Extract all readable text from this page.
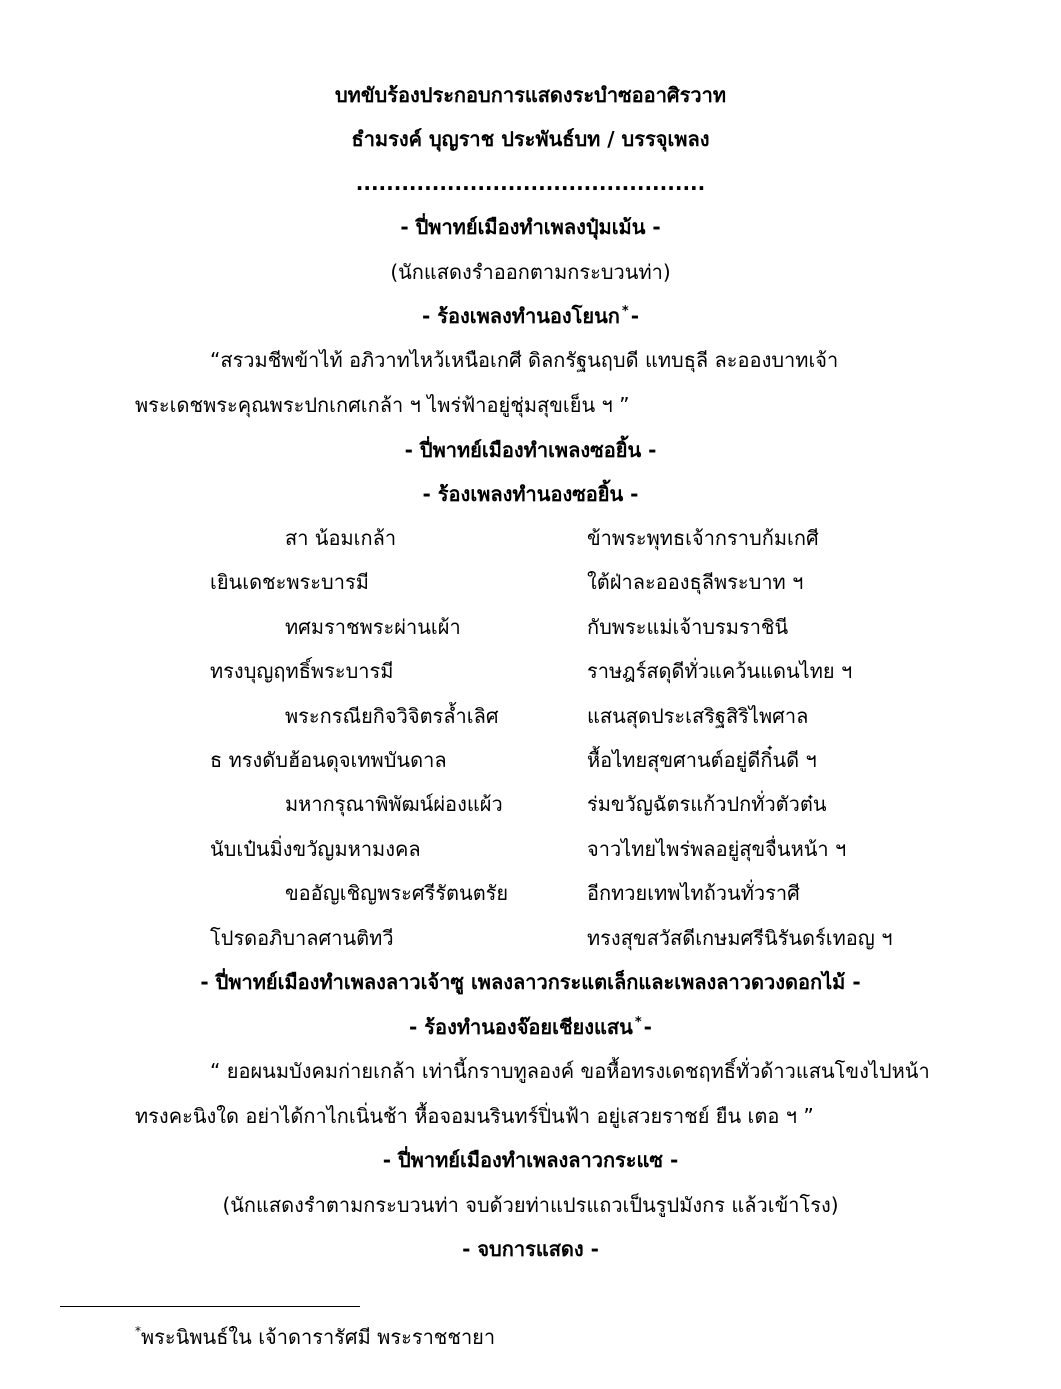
บทขับร้องประกอบการแสดงระบำซออาศิรวาท
ธำมรงค์ บุญราช ประพันธ์บท / บรรจุเพลง
..............................................
- ปี่พาทย์เมืองทำเพลงปุ๋มเม้น -
(นักแสดงรำออกตามกระบวนท่า)
- ร้องเพลงทำนองโยนก * -
“สรวมชีพข้าไท้ อภิวาทไหว้เหนือเกศี ดิลกรัฐนฤบดี แทบธุลี ละอองบาทเจ้า
พระเดชพระคุณพระปกเกศเกล้า ฯ ไพร่ฟ้าอยู่ชุ่มสุขเย็น ฯ ”
- ปี่พาทย์เมืองทำเพลงซอยิ้น -
- ร้องเพลงทำนองซอยิ้น -
สา น้อมเกล้า	ข้าพระพุทธเจ้ากราบก้มเกศี
เยินเดชะพระบารมี	ใต้ฝ่าละอองธุลีพระบาท ฯ
ทศมราชพระผ่านเผ้า	กับพระแม่เจ้าบรมราชินี
ทรงบุญฤทธิ์พระบารมี	ราษฎร์สดุดีทั่วแคว้นแดนไทย ฯ
พระกรณียกิจวิจิตรล้ำเลิศ	แสนสุดประเสริฐสิริไพศาล
ธ ทรงดับฮ้อนดุจเทพบันดาล	หื้อไทยสุขศานต์อยู่ดีกิ๋นดี ฯ
มหากรุณาพิพัฒน์ผ่องแผ้ว	ร่มขวัญฉัตรแก้วปกทั่วตัวต๋น
นับเป๋นมิ่งขวัญมหามงคล	จาวไทยไพร่พลอยู่สุขจื่นหน้า ฯ
ขออัญเชิญพระศรีรัตนตรัย	อีกทวยเทพไทถ้วนทั่วราศี
โปรดอภิบาลศานติทวี	ทรงสุขสวัสดีเกษมศรีนิรันดร์เทอญ ฯ
- ปี่พาทย์เมืองทำเพลงลาวเจ้าซู เพลงลาวกระแตเล็กและเพลงลาวดวงดอกไม้ -
- ร้องทำนองจ๊อยเชียงแสน * -
“ ยอผนมบังคมก่ายเกล้า เท่านี้กราบทูลองค์ ขอหื้อทรงเดชฤทธิ์ทั่วด้าวแสนโขงไปหน้า
ทรงคะนิงใด อย่าได้กาไกเนิ่นช้า หื้อจอมนรินทร์ปิ่นฟ้า อยู่เสวยราชย์ ยืน เตอ ฯ ”
- ปี่พาทย์เมืองทำเพลงลาวกระแซ -
(นักแสดงรำตามกระบวนท่า จบด้วยท่าแปรแถวเป็นรูปมังกร แล้วเข้าโรง)
- จบการแสดง -
*พระนิพนธ์ใน เจ้าดารารัศมี พระราชชายา
